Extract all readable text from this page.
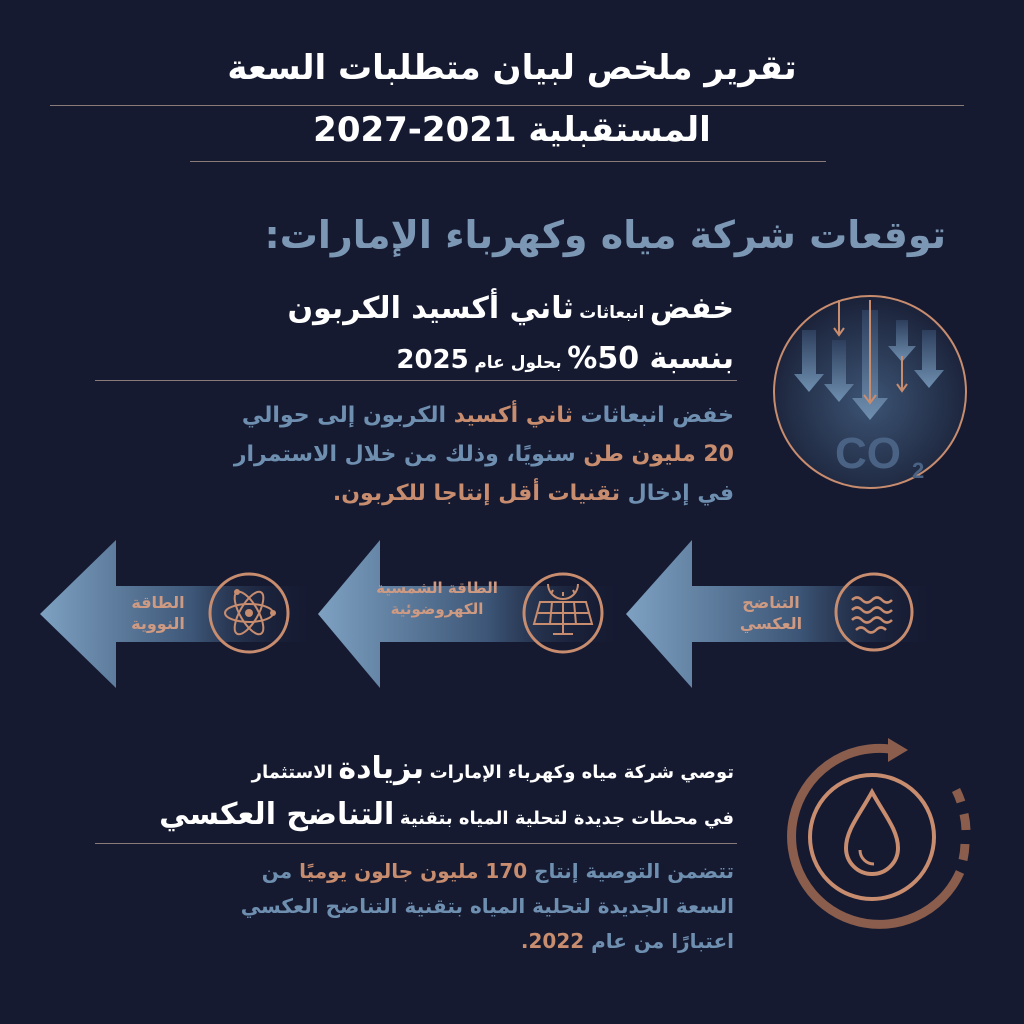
تقرير ملخص لبيان متطلبات السعة
المستقبلية 2021-2027
توقعات شركة مياه وكهرباء الإمارات:
خفض انبعاثات ثاني أكسيد الكربون
بنسبة 50% بحلول عام 2025
خفض انبعاثات ثاني أكسيد الكربون إلى حوالي
20 مليون طن سنويًا، وذلك من خلال الاستمرار
في إدخال تقنيات أقل إنتاجا للكربون.
CO 2
التناضح العكسي
الطاقة الشمسية الكهروضوئية
الطاقة النووية
توصي شركة مياه وكهرباء الإمارات بزيادة الاستثمار
في محطات جديدة لتحلية المياه بتقنية التناضح العكسي
تتضمن التوصية إنتاج 170 مليون جالون يوميًا من
السعة الجديدة لتحلية المياه بتقنية التناضح العكسي
اعتبارًا من عام 2022.
